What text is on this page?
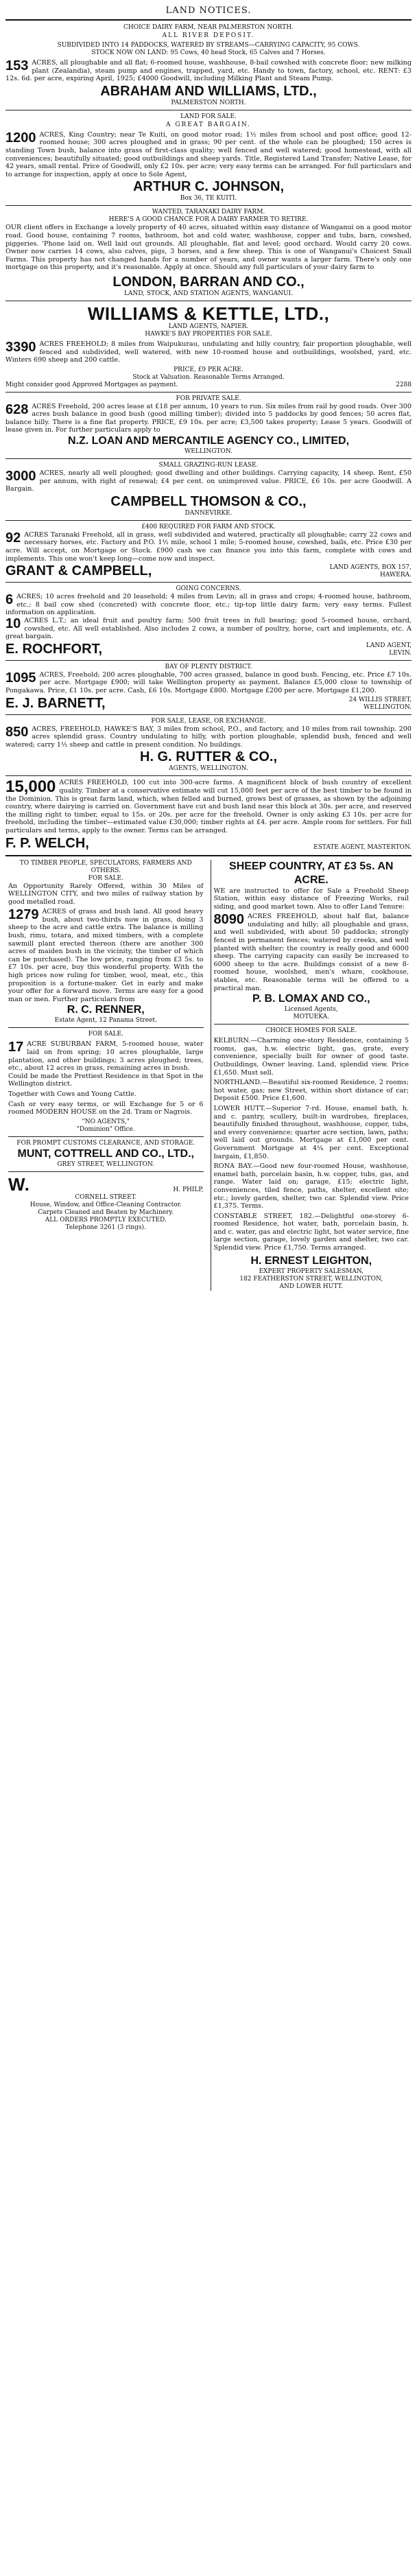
LAND NOTICES.
CHOICE DAIRY FARM, NEAR PALMERSTON NORTH.
ALL RIVER DEPOSIT.
SUBDIVIDED INTO 14 PADDOCKS, WATERED BY STREAMS—CARRYING CAPACITY, 95 COWS.
STOCK NOW ON LAND: 95 Cows, 40 head Stock, 65 Calves and 7 Horses.
153 ACRES, all ploughable and all flat; 6-roomed house, washhouse, 8-bail cowshed with concrete floor; new milking plant (Zealandia), steam pump and engines, trapped, yard, etc. Handy to town, factory, school, etc. RENT: £3 12s. 6d. per acre, expiring April, 1925; £4000 Goodwill, including Milking Plant and Steam Pump.
ABRAHAM AND WILLIAMS, LTD.,
PALMERSTON NORTH.
LAND FOR SALE.
A GREAT BARGAIN.
1200 ACRES, King Country; near Te Kuiti, on good motor road; 1½ miles from school and post office; good 12-roomed house; 300 acres ploughed and in grass; 90 per cent. of the whole can be ploughed; 150 acres is standing Town bush, balance into grass of first-class quality; well fenced and well watered; good homestead, with all conveniences; beautifully situated; good outbuildings and sheep yards. Title, Registered Land Transfer; Native Lease, for 42 years, small rental. Price of Goodwill, only £2 10s. per acre; very easy terms can be arranged. For full particulars and to arrange for inspection, apply at once to Sole Agent,
ARTHUR C. JOHNSON,
Box 36, TE KUITI.
WANTED, TARANAKI DAIRY FARM.
HERE'S A GOOD CHANCE FOR A DAIRY FARMER TO RETIRE.
OUR client offers in Exchange a lovely property of 40 acres, situated within easy distance of Wanganui on a good motor road. Good house, containing 7 rooms, bathroom, hot and cold water, washhouse, copper and tubs, barn, cowshed, piggeries. 'Phone laid on. Well laid out grounds. All ploughable, flat and level; good orchard. Would carry 20 cows. Owner now carries 14 cows, also calves, pigs, 3 horses, and a few sheep. This is one of Wanganui's Choicest Small Farms. This property has not changed hands for a number of years, and owner wants a larger farm. There's only one mortgage on this property, and it's reasonable. Apply at once. Should any full particulars of your dairy farm to
LONDON, BARRAN AND CO.,
LAND, STOCK, AND STATION AGENTS, WANGANUI.
WILLIAMS & KETTLE, LTD.,
LAND AGENTS, NAPIER.
HAWKE'S BAY PROPERTIES FOR SALE.
3390 ACRES FREEHOLD; 8 miles from Waipukurau, undulating and hilly country, fair proportion ploughable, well fenced and subdivided, well watered, with new 10-roomed house and outbuildings, woolshed, yard, etc. Winters 690 sheep and 200 cattle.
PRICE, £9 PER ACRE.
Stock at Valuation. Reasonable Terms Arranged.
Might consider good Approved Mortgages as payment.	2288
FOR PRIVATE SALE.
628 ACRES Freehold, 200 acres lease at £18 per annum, 10 years to run. Six miles from rail by good roads. Over 300 acres bush balance in good bush (good milling timber); divided into 5 paddocks by good fences; 50 acres flat, balance hilly. There is a fine flat property. PRICE, £9 10s. per acre; £3,500 takes property; Lease 5 years. Goodwill of lease given in. For further particulars apply to
N.Z. LOAN AND MERCANTILE AGENCY CO., LIMITED,
WELLINGTON.
SMALL GRAZING-RUN LEASE.
3000 ACRES, nearly all well ploughed; good dwelling and other buildings. Carrying capacity, 14 sheep. Rent, £50 per annum, with right of renewal; £4 per cent. on unimproved value. PRICE, £6 10s. per acre Goodwill. A Bargain.
CAMPBELL THOMSON & CO.,
DANNEVIRKE.
£400 REQUIRED FOR FARM AND STOCK.
92 ACRES Taranaki Freehold, all in grass, well subdivided and watered, practically all ploughable; carry 22 cows and necessary horses, etc. Factory and P.O. 1½ mile, school 1 mile; 5-roomed house, cowshed, bails, etc. Price £30 per acre. Will accept, on Mortgage or Stock. £900 cash we can finance you into this farm, complete with cows and implements. This one won't keep long—come now and inspect.
GRANT & CAMPBELL,	LAND AGENTS, BOX 157, HAWERA.
GOING CONCERNS.
6 ACRES; 10 acres freehold and 20 leasehold; 4 miles from Levin; all in grass and crops; 4-roomed house, bathroom, etc.; 8 bail cow shed (concreted) with concrete floor, etc.; tip-top little dairy farm; very easy terms. Fullest information on application.
10 ACRES L.T.; an ideal fruit and poultry farm; 500 fruit trees in full bearing; good 5-roomed house, orchard, cowshed, etc. All well established. Also includes 2 cows, a number of poultry, horse, cart and implements, etc. A great bargain.
E. ROCHFORT,	LAND AGENT, LEVIN.
BAY OF PLENTY DISTRICT.
1095 ACRES, Freehold; 200 acres ploughable, 700 acres grassed, balance in good bush. Fencing, etc. Price £7 10s. per acre. Mortgage £900; will take Wellington property as payment. Balance £5,000 close to township of Pongakawa. Price, £1 10s. per acre. Cash, £6 10s. Mortgage £800. Mortgage £200 per acre. Mortgage £1,200.
E. J. BARNETT,	24 WILLIS STREET, WELLINGTON.
FOR SALE, LEASE, OR EXCHANGE.
850 ACRES, FREEHOLD, HAWKE'S BAY, 3 miles from school, P.O., and factory, and 10 miles from rail township. 200 acres splendid grass. Country undulating to hilly, with portion ploughable, splendid bush, fenced and well watered; carry 1½ sheep and cattle in present condition. No buildings.
H. G. RUTTER & CO.,
AGENTS, WELLINGTON.
15,000 ACRES FREEHOLD, 100 cut into 300-acre farms. A magnificent block of bush country of excellent quality. Timber at a conservative estimate will cut 15,000 feet per acre of the best timber to be found in the Dominion. This is great farm land, which, when felled and burned, grows best of grasses, as shown by the adjoining country, where dairying is carried on. Government have cut and bush land near this block at 30s. per acre, and reserved the milling right to timber, equal to 15s. or 20s. per acre for the freehold. Owner is only asking £3 10s. per acre for freehold, including the timber—estimated value £30,000; timber rights at £4. per acre. Ample room for settlers. For full particulars and terms, apply to the owner. Terms can be arranged.
F. P. WELCH,	ESTATE AGENT, MASTERTON.
TO TIMBER PEOPLE, SPECULATORS, FARMERS AND OTHERS.
FOR SALE.
An Opportunity Rarely Offered, within 30 Miles of WELLINGTON CITY, and two miles of railway station by good metalled road.
1279 ACRES of grass and bush land. All good heavy bush, about two-thirds now in grass, doing 3 sheep to the acre and cattle extra. The balance is milling bush, rimu, totara, and mixed timbers, with a complete sawmill plant erected thereon (there are another 300 acres of maiden bush in the vicinity, the timber of which can be purchased). The low price, ranging from £3 5s. to £7 10s. per acre, buy this wonderful property. With the high prices now ruling for timber, wool, meat, etc., this proposition is a fortune-maker. Get in early and make your offer for a forward move. Terms are easy for a good man or men. Further particulars from
R. C. RENNER,
Estate Agent, 12 Panama Street.
FOR SALE.
17 ACRE SUBURBAN FARM, 5-roomed house, water laid on from spring; 10 acres ploughable, large plantation, and other buildings; 3 acres ploughed; trees, etc., about 12 acres in grass, remaining acres in bush.
Could be made the Prettiest Residence in that Spot in the Wellington district.
Together with Cows and Young Cattle.
Cash or very easy terms, or will Exchange for 5 or 6 roomed MODERN HOUSE on the 2d. Tram or Nagrois.
"NO AGENTS,"
"Dominion" Office.
FOR PROMPT CUSTOMS CLEARANCE, AND STORAGE.
MUNT, COTTRELL AND CO., LTD.,
GREY STREET, WELLINGTON.
W.	H. PHILP,
CORNELL STREET.
House, Window, and Office-Cleaning Contractor.
Carpets Cleaned and Beaten by Machinery.
ALL ORDERS PROMPTLY EXECUTED.
Telephone 3261 (3 rings).
SHEEP COUNTRY, AT £3 5s. AN ACRE.
WE are instructed to offer for Sale a Freehold Sheep Station, within easy distance of Freezing Works, rail siding, and good market town. Also to offer Land Tenure:
8090 ACRES FREEHOLD, about half flat, balance undulating and hilly; all ploughable and grass, and well subdivided, with about 50 paddocks; strongly fenced in permanent fences; watered by creeks, and well planted with shelter; the country is really good and 6000 sheep. The carrying capacity can easily be increased to 6000 sheep to the acre. Buildings consist of a new 8-roomed house, woolshed, men's whare, cookhouse, stables, etc. Reasonable terms will be offered to a practical man.
P. B. LOMAX AND CO.,
Licensed Agents,
MOTUEKA.
CHOICE HOMES FOR SALE.
KELBURN.—Charming one-story Residence, containing 5 rooms, gas, h.w. electric light, gas, grate, every convenience, specially built for owner of good taste. Outbuildings, Owner leaving. Land, splendid view. Price £1,650. Must sell.
NORTHLAND.—Beautiful six-roomed Residence, 2 rooms; hot water, gas; new Street, within short distance of car; Deposit £500. Price £1,600.
LOWER HUTT.—Superior 7-rd. House, enamel bath, h. and c. pantry, scullery, built-in wardrobes, fireplaces, beautifully finished throughout, washhouse, copper, tubs, and every convenience; quarter acre section, lawn, paths; well laid out grounds. Mortgage at £1,000 per cent. Government Mortgage at 4¼ per cent. Exceptional bargain, £1,850.
RONA BAY.—Good new four-roomed House, washhouse, enamel bath, porcelain basin, h.w. copper, tubs, gas, and range. Water laid on; garage, £15; electric light, conveniences, tiled fence, paths, shelter, excellent site; etc.; lovely garden, shelter, two car. Splendid view. Price £1,375. Terms.
CONSTABLE STREET, 182.—Delightful one-storey 6-roomed Residence, hot water, bath, porcelain basin, h. and c. water, gas and electric light, hot water service, fine large section, garage, lovely garden and shelter, two car. Splendid view. Price £1,750. Terms arranged.
H. ERNEST LEIGHTON,
EXPERT PROPERTY SALESMAN,
182 FEATHERSTON STREET, WELLINGTON,
AND LOWER HUTT.
